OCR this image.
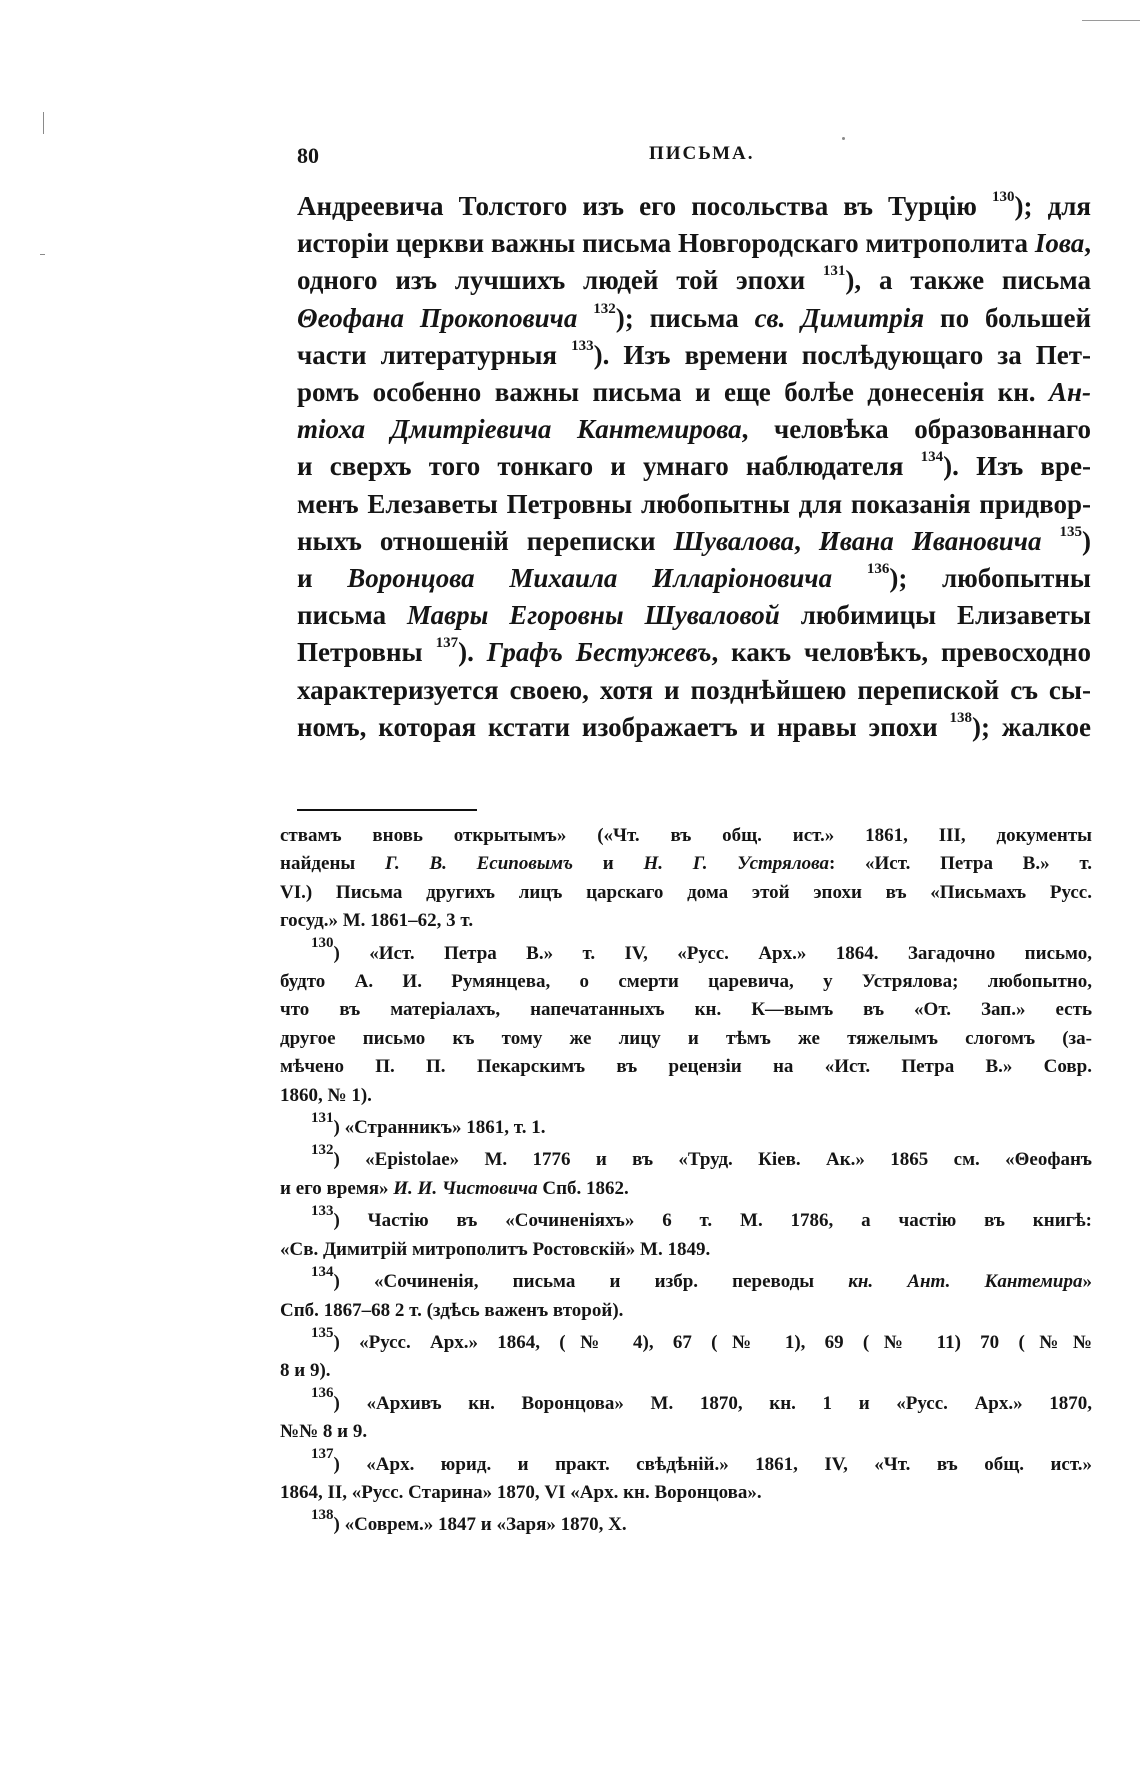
80	ПИСЬМА.
Андреевича Толстого изъ его посольства въ Турцію $^{130}$); для
исторіи церкви важны письма Новгородскаго митрополита Іова,
одного изъ лучшихъ людей той эпохи $^{131}$), а также письма
Θеофана Прокоповича $^{132}$); письма св. Димитрія по большей
части литературныя $^{133}$). Изъ времени послѣдующаго за Пет-
ромъ особенно важны письма и еще болѣе донесенія кн. Ан-
тіоха Дмитріевича Кантемирова, человѣка образованнаго
и сверхъ того тонкаго и умнаго наблюдателя $^{134}$). Изъ вре-
менъ Елезаветы Петровны любопытны для показанія придвор-
ныхъ отношеній переписки Шувалова, Ивана Ивановича $^{135}$)
и Воронцова Михаила Илларіоновича $^{136}$); любопытны
письма Мавры Егоровны Шуваловой любимицы Елизаветы
Петровны $^{137}$). Графъ Бестужевъ, какъ человѣкъ, превосходно
характеризуется своею, хотя и позднѣйшею перепиской съ сы-
номъ, которая кстати изображаетъ и нравы эпохи $^{138}$); жалкое
ствамъ вновь открытымъ» («Чт. въ общ. ист.» 1861, III, документы
найдены Г. В. Есиповымъ и Н. Г. Устрялова: «Ист. Петра В.» т.
VI.) Письма другихъ лицъ царскаго дома этой эпохи въ «Письмахъ Русс.
госуд.» М. 1861–62, 3 т.
$^{130}$) «Ист. Петра В.» т. IV, «Русс. Арх.» 1864. Загадочно письмо,
будто А. И. Румянцева, о смерти царевича, у Устрялова; любопытно,
что въ матеріалахъ, напечатанныхъ кн. К—вымъ въ «От. Зап.» есть
другое письмо къ тому же лицу и тѣмъ же тяжелымъ слогомъ (за-
мѣчено П. П. Пекарскимъ въ рецензіи на «Ист. Петра В.» Совр.
1860, № 1).
$^{131}$) «Странникъ» 1861, т. 1.
$^{132}$) «Epistolae» М. 1776 и въ «Труд. Кіев. Ак.» 1865 см. «Θеофанъ
и его время» И. И. Чистовича Спб. 1862.
$^{133}$) Частію въ «Сочиненіяхъ» 6 т. М. 1786, а частію въ книгѣ:
«Св. Димитрій митрополитъ Ростовскій» М. 1849.
$^{134}$) «Сочиненія, письма и избр. переводы кн. Ант. Кантемира»
Спб. 1867–68 2 т. (здѣсь важенъ второй).
$^{135}$) «Русс. Арх.» 1864, (№ 4), 67 (№ 1), 69 (№ 11) 70 (№№
8 и 9).
$^{136}$) «Архивъ кн. Воронцова» М. 1870, кн. 1 и «Русс. Арх.» 1870,
№№ 8 и 9.
$^{137}$) «Арх. юрид. и практ. свѣдѣній.» 1861, IV, «Чт. въ общ. ист.»
1864, II, «Русс. Старина» 1870, VI «Арх. кн. Воронцова».
$^{138}$) «Соврем.» 1847 и «Заря» 1870, X.
